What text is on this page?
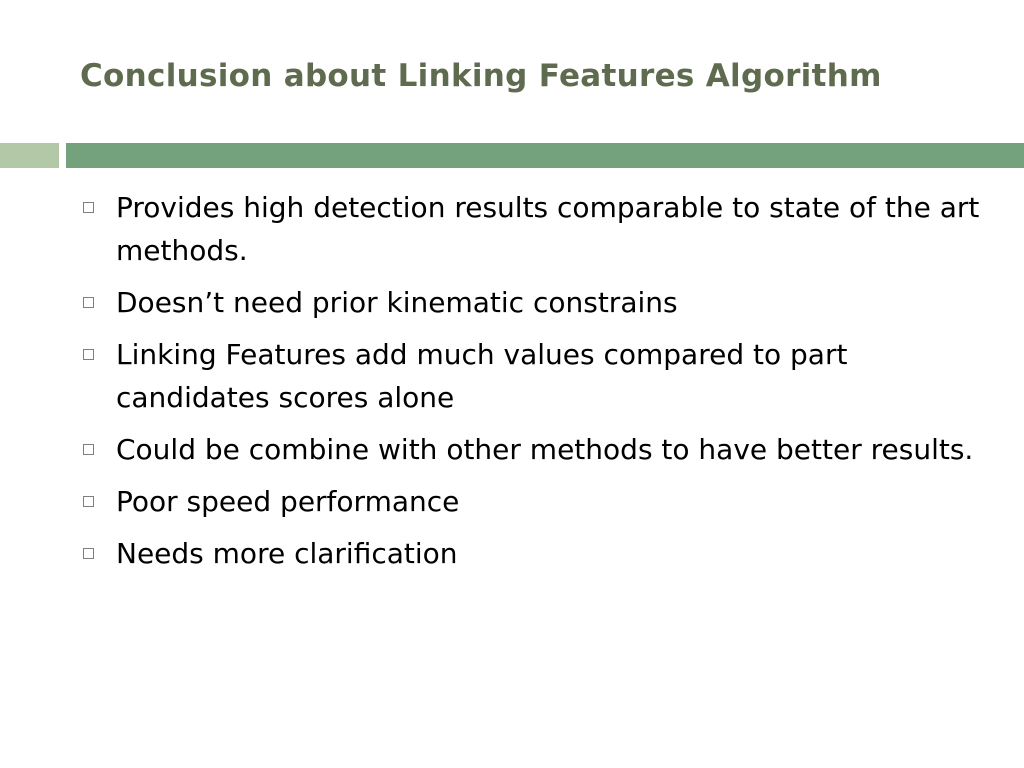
Conclusion about Linking Features Algorithm
Provides high detection results comparable to state of the art methods.
Doesn’t need prior kinematic constrains
Linking Features add much values compared to part candidates scores alone
Could be combine with other methods to have better results.
Poor speed performance
Needs more clarification
